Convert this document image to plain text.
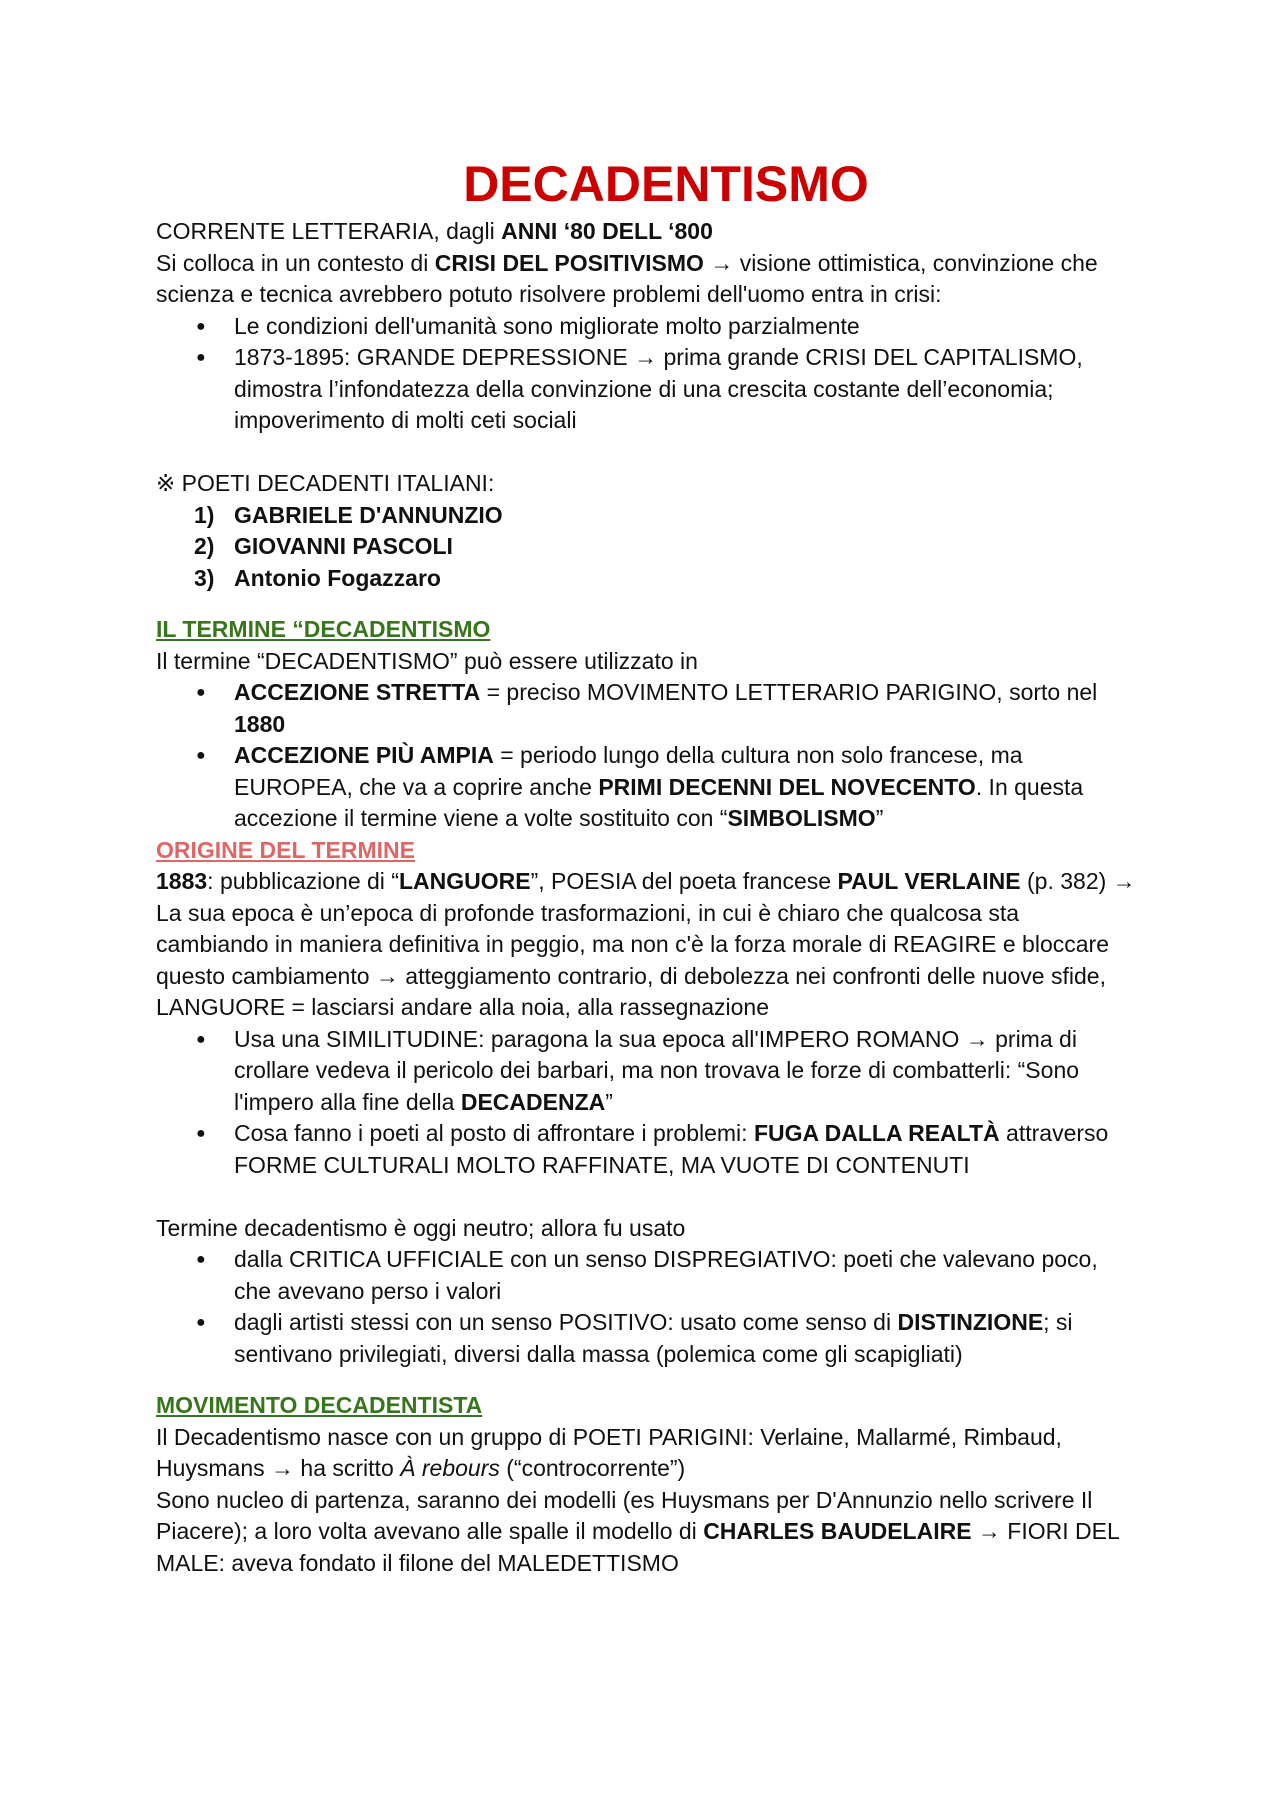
DECADENTISMO

CORRENTE LETTERARIA, dagli ANNI ‘80 DELL ‘800

Si colloca in un contesto di CRISI DEL POSITIVISMO → visione ottimistica, convinzione che scienza e tecnica avrebbero potuto risolvere problemi dell'uomo entra in crisi:

● Le condizioni dell'umanità sono migliorate molto parzialmente
● 1873-1895: GRANDE DEPRESSIONE → prima grande CRISI DEL CAPITALISMO, dimostra l’infondatezza della convinzione di una crescita costante dell’economia; impoverimento di molti ceti sociali

※ POETI DECADENTI ITALIANI:

1) GABRIELE D'ANNUNZIO
2) GIOVANNI PASCOLI
3) Antonio Fogazzaro

IL TERMINE “DECADENTISMO

Il termine “DECADENTISMO” può essere utilizzato in

● ACCEZIONE STRETTA = preciso MOVIMENTO LETTERARIO PARIGINO, sorto nel 1880
● ACCEZIONE PIÙ AMPIA = periodo lungo della cultura non solo francese, ma EUROPEA, che va a coprire anche PRIMI DECENNI DEL NOVECENTO. In questa accezione il termine viene a volte sostituito con “SIMBOLISMO”

ORIGINE DEL TERMINE

1883: pubblicazione di “LANGUORE”, POESIA del poeta francese PAUL VERLAINE (p. 382) → La sua epoca è un’epoca di profonde trasformazioni, in cui è chiaro che qualcosa sta cambiando in maniera definitiva in peggio, ma non c'è la forza morale di REAGIRE e bloccare questo cambiamento → atteggiamento contrario, di debolezza nei confronti delle nuove sfide, LANGUORE = lasciarsi andare alla noia, alla rassegnazione

● Usa una SIMILITUDINE: paragona la sua epoca all'IMPERO ROMANO → prima di crollare vedeva il pericolo dei barbari, ma non trovava le forze di combatterli: “Sono l'impero alla fine della DECADENZA”
● Cosa fanno i poeti al posto di affrontare i problemi: FUGA DALLA REALTÀ attraverso FORME CULTURALI MOLTO RAFFINATE, MA VUOTE DI CONTENUTI

Termine decadentismo è oggi neutro; allora fu usato

● dalla CRITICA UFFICIALE con un senso DISPREGIATIVO: poeti che valevano poco, che avevano perso i valori
● dagli artisti stessi con un senso POSITIVO: usato come senso di DISTINZIONE; si sentivano privilegiati, diversi dalla massa (polemica come gli scapigliati)

MOVIMENTO DECADENTISTA

Il Decadentismo nasce con un gruppo di POETI PARIGINI: Verlaine, Mallarmé, Rimbaud, Huysmans → ha scritto À rebours (“controcorrente”)

Sono nucleo di partenza, saranno dei modelli (es Huysmans per D'Annunzio nello scrivere Il Piacere); a loro volta avevano alle spalle il modello di CHARLES BAUDELAIRE → FIORI DEL MALE: aveva fondato il filone del MALEDETTISMO
